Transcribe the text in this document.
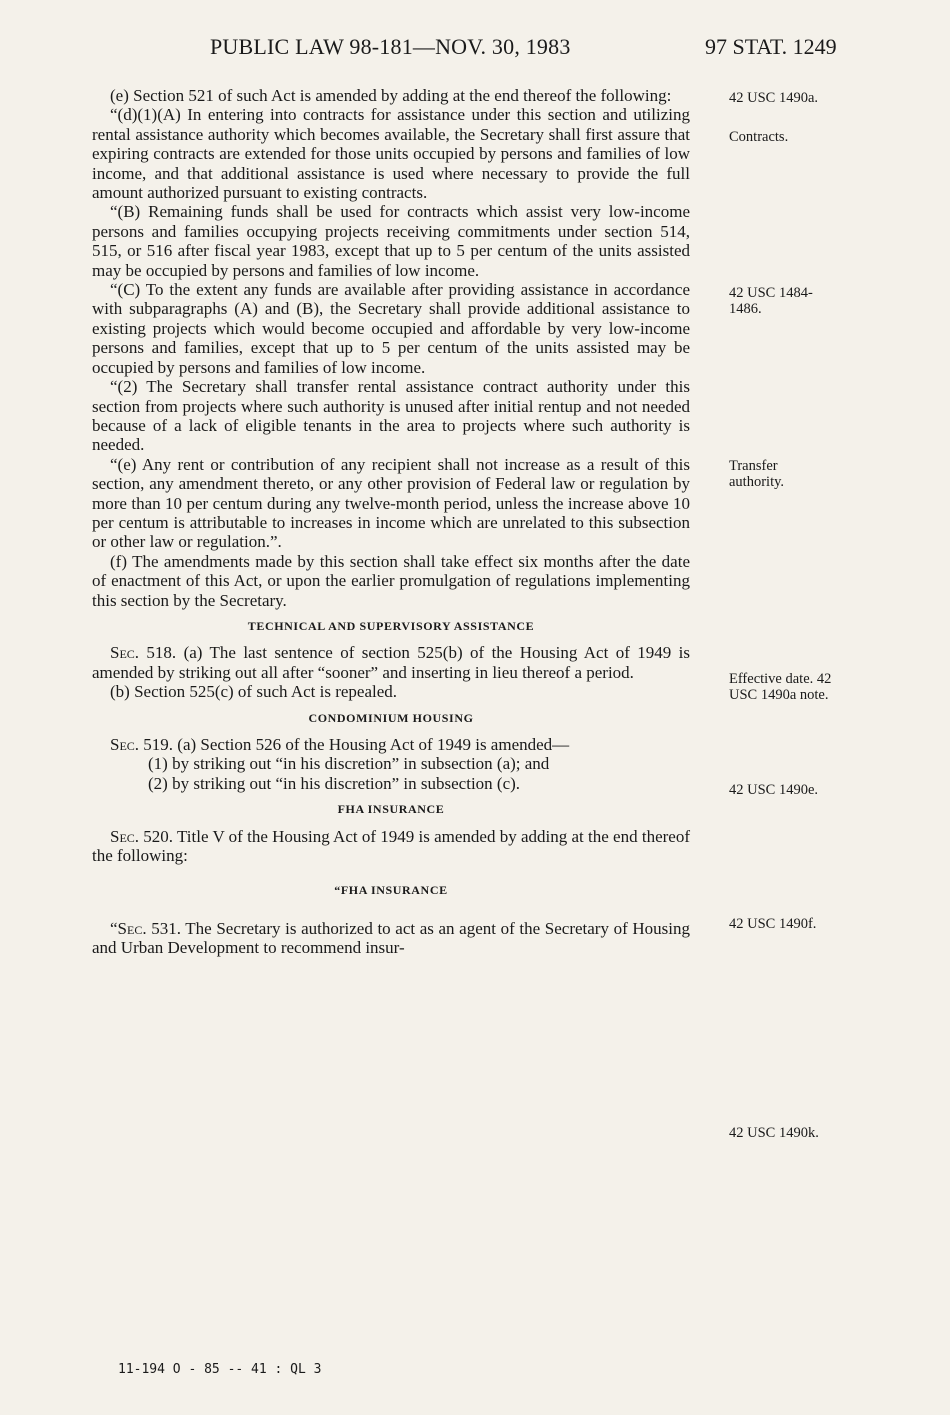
PUBLIC LAW 98-181—NOV. 30, 1983	97 STAT. 1249

(e) Section 521 of such Act is amended by adding at the end thereof the following:

“(d)(1)(A) In entering into contracts for assistance under this section and utilizing rental assistance authority which becomes available, the Secretary shall first assure that expiring contracts are extended for those units occupied by persons and families of low income, and that additional assistance is used where necessary to provide the full amount authorized pursuant to existing contracts.

“(B) Remaining funds shall be used for contracts which assist very low-income persons and families occupying projects receiving commitments under section 514, 515, or 516 after fiscal year 1983, except that up to 5 per centum of the units assisted may be occupied by persons and families of low income.

“(C) To the extent any funds are available after providing assistance in accordance with subparagraphs (A) and (B), the Secretary shall provide additional assistance to existing projects which would become occupied and affordable by very low-income persons and families, except that up to 5 per centum of the units assisted may be occupied by persons and families of low income.

“(2) The Secretary shall transfer rental assistance contract authority under this section from projects where such authority is unused after initial rentup and not needed because of a lack of eligible tenants in the area to projects where such authority is needed.

“(e) Any rent or contribution of any recipient shall not increase as a result of this section, any amendment thereto, or any other provision of Federal law or regulation by more than 10 per centum during any twelve-month period, unless the increase above 10 per centum is attributable to increases in income which are unrelated to this subsection or other law or regulation.”.

(f) The amendments made by this section shall take effect six months after the date of enactment of this Act, or upon the earlier promulgation of regulations implementing this section by the Secretary.

TECHNICAL AND SUPERVISORY ASSISTANCE

Sec. 518. (a) The last sentence of section 525(b) of the Housing Act of 1949 is amended by striking out all after “sooner” and inserting in lieu thereof a period.

(b) Section 525(c) of such Act is repealed.

CONDOMINIUM HOUSING

Sec. 519. (a) Section 526 of the Housing Act of 1949 is amended—

(1) by striking out “in his discretion” in subsection (a); and

(2) by striking out “in his discretion” in subsection (c).

FHA INSURANCE

Sec. 520. Title V of the Housing Act of 1949 is amended by adding at the end thereof the following:

“FHA INSURANCE

“Sec. 531. The Secretary is authorized to act as an agent of the Secretary of Housing and Urban Development to recommend insur-

42 USC 1490a.
Contracts.
42 USC 1484-1486.
Transfer authority.
Effective date. 42 USC 1490a note.
42 USC 1490e.
42 USC 1490f.
42 USC 1490k.
11-194 O - 85 -- 41 : QL 3
